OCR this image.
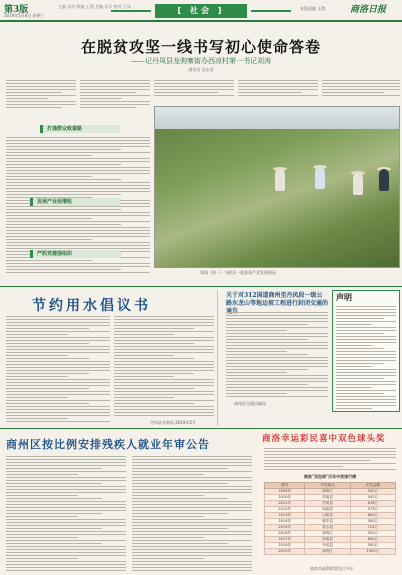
第3版
2019年5月8日 星期三
主编 刘苏 版编 王霞 美编 田乐 校对 王冰	[ 社会 ]	本版责编 王霞	商洛日报
在脱贫攻坚一线书写初心使命答卷
——记丹凤县龙驹寨街办西凉村第一书记刘涛
通讯员 冯永昊
打通群众致富路
刘涛（前一）与群众一起查看产业发展情况
节约用水倡议书
丹凤县水务局 2019年5月
关于对312国道商州至丹凤段一级公路东龙山等地边坡工程进行封闭交通的
商州区交通运输局
声明
商州区按比例安排残疾人就业年审公告	商洛幸运彩民喜中双色球头奖
商洛"双色球"历年中奖排行榜
期号	中奖地点	中奖金额
2009年	商州区	500万
2010年	洛南县	542万
2011年	丹凤县	618万
2012年	商南县	573万
2013年	山阳县	600万
2014年	镇安县	500万
2015年	柞水县	724万
2016年	商州区	500万
2017年	洛南县	650万
2018年	丹凤县	500万
2019年	商州区	1000万
商洛市福利彩票发行中心
发展产业促增收
严抓党建强组织
